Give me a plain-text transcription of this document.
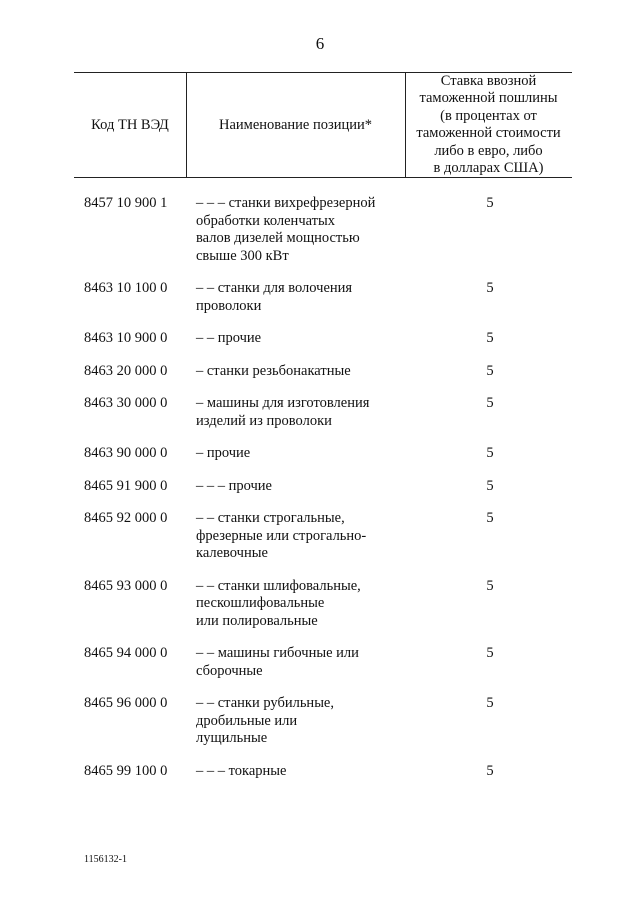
6
Код ТН ВЭД	Наименование позиции*
Ставка ввозной
таможенной пошлины
(в процентах от
таможенной стоимости
либо в евро, либо
в долларах США)
8457 10 900 1	– – – станки вихрефрезерной
обработки коленчатых
валов дизелей мощностью
свыше 300 кВт
5
8463 10 100 0	– – станки для волочения
проволоки
5
8463 10 900 0	– – прочие	5
8463 20 000 0	– станки резьбонакатные	5
8463 30 000 0	– машины для изготовления
изделий из проволоки
5
8463 90 000 0	– прочие	5
8465 91 900 0	– – – прочие	5
8465 92 000 0	– – станки строгальные,
фрезерные или строгально-
калевочные
5
8465 93 000 0	– – станки шлифовальные,
пескошлифовальные
или полировальные
5
8465 94 000 0	– – машины гибочные или
сборочные
5
8465 96 000 0	– – станки рубильные,
дробильные или
лущильные
5
8465 99 100 0	– – – токарные	5
1156132-1
